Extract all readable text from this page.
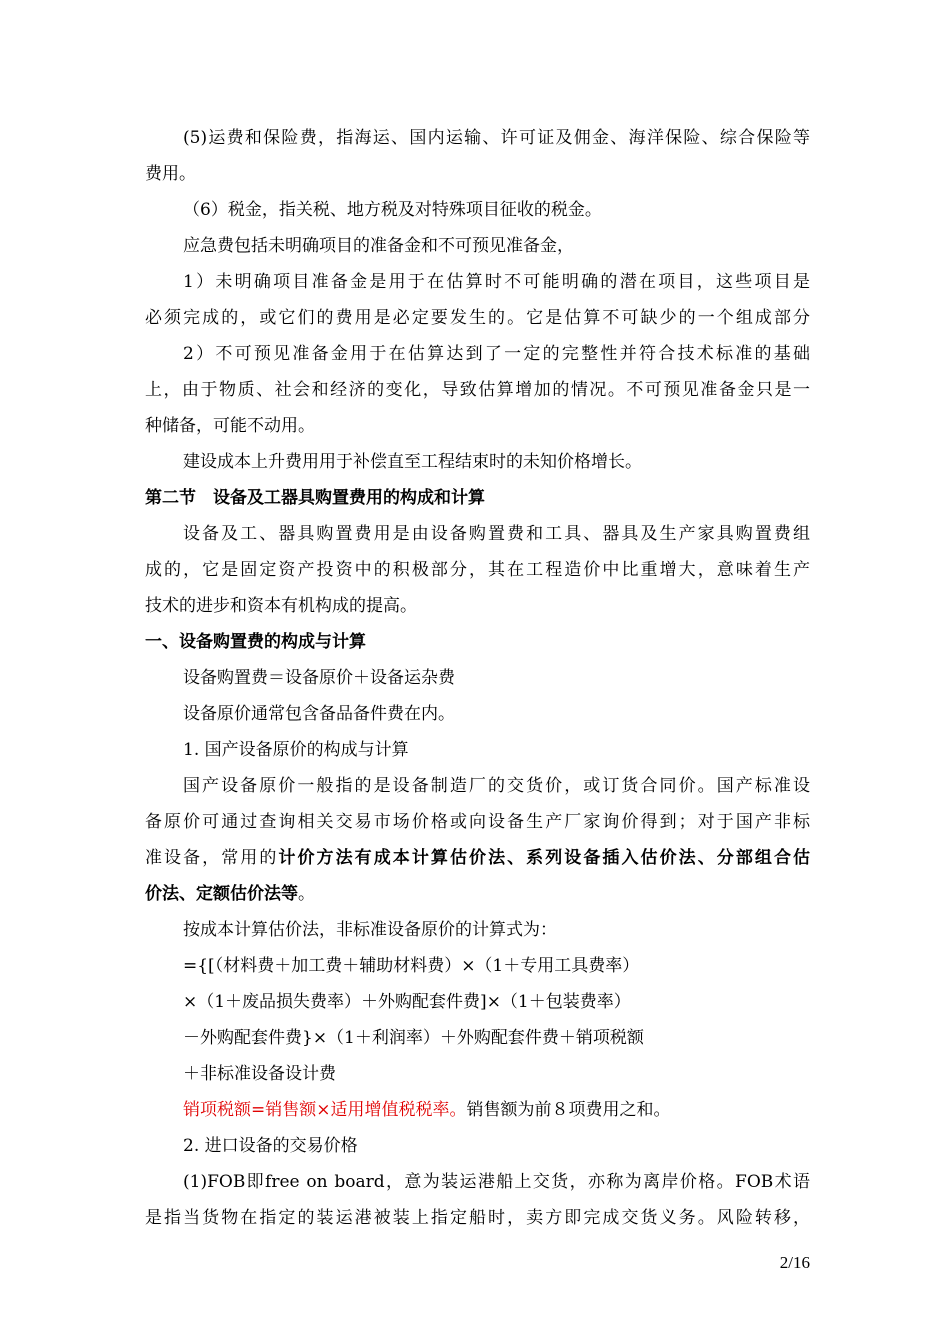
(5)运费和保险费，指海运、国内运输、许可证及佣金、海洋保险、综合保险等
费用。
（6）税金，指关税、地方税及对特殊项目征收的税金。
应急费包括未明确项目的准备金和不可预见准备金，
1）未明确项目准备金是用于在估算时不可能明确的潜在项目，这些项目是
必须完成的，或它们的费用是必定要发生的。它是估算不可缺少的一个组成部分
2）不可预见准备金用于在估算达到了一定的完整性并符合技术标准的基础
上，由于物质、社会和经济的变化，导致估算增加的情况。不可预见准备金只是一
种储备，可能不动用。
建设成本上升费用用于补偿直至工程结束时的未知价格增长。
第二节　设备及工器具购置费用的构成和计算
设备及工、器具购置费用是由设备购置费和工具、器具及生产家具购置费组
成的，它是固定资产投资中的积极部分，其在工程造价中比重增大，意味着生产
技术的进步和资本有机构成的提高。
一、设备购置费的构成与计算
设备购置费＝设备原价＋设备运杂费
设备原价通常包含备品备件费在内。
1. 国产设备原价的构成与计算
国产设备原价一般指的是设备制造厂的交货价，或订货合同价。国产标准设
备原价可通过查询相关交易市场价格或向设备生产厂家询价得到；对于国产非标
准设备，常用的计价方法有成本计算估价法、系列设备插入估价法、分部组合估
价法、定额估价法等。
按成本计算估价法，非标准设备原价的计算式为：
={[（材料费＋加工费＋辅助材料费）×（1＋专用工具费率）
×（1＋废品损失费率）＋外购配套件费]×（1＋包装费率）
－外购配套件费}×（1＋利润率）＋外购配套件费＋销项税额
＋非标准设备设计费
销项税额=销售额×适用增值税税率。销售额为前８项费用之和。
2. 进口设备的交易价格
(1)FOB即free on board，意为装运港船上交货，亦称为离岸价格。FOB术语
是指当货物在指定的装运港被装上指定船时，卖方即完成交货义务。风险转移，
2/16
